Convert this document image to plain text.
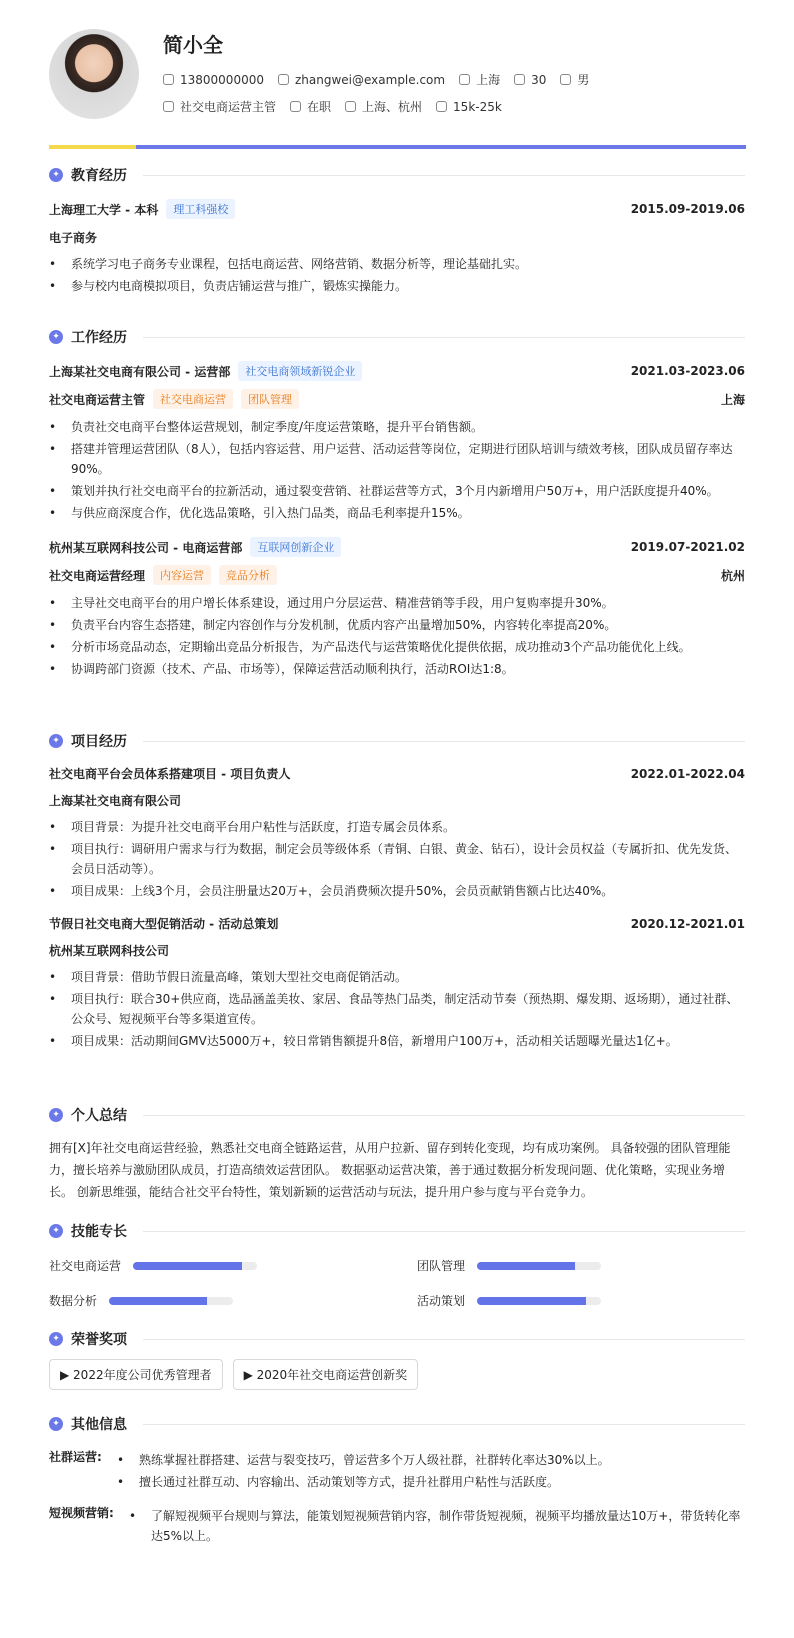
简小全
13800000000	zhangwei@example.com	上海	30	男
社交电商运营主管	在职	上海、杭州	15k-25k
✦ 教育经历
上海理工大学 - 本科	理工科强校	2015.09-2019.06
电子商务
• 系统学习电子商务专业课程，包括电商运营、网络营销、数据分析等，理论基础扎实。
• 参与校内电商模拟项目，负责店铺运营与推广，锻炼实操能力。
✦ 工作经历
上海某社交电商有限公司 - 运营部	社交电商领域新锐企业	2021.03-2023.06
社交电商运营主管	社交电商运营	团队管理	上海
• 负责社交电商平台整体运营规划，制定季度/年度运营策略，提升平台销售额。
• 搭建并管理运营团队（8人），包括内容运营、用户运营、活动运营等岗位，定期进行团队培训与绩效考核，团队成员留存率达90%。
• 策划并执行社交电商平台的拉新活动，通过裂变营销、社群运营等方式，3个月内新增用户50万+，用户活跃度提升40%。
• 与供应商深度合作，优化选品策略，引入热门品类，商品毛利率提升15%。
杭州某互联网科技公司 - 电商运营部	互联网创新企业	2019.07-2021.02
社交电商运营经理	内容运营	竞品分析	杭州
• 主导社交电商平台的用户增长体系建设，通过用户分层运营、精准营销等手段，用户复购率提升30%。
• 负责平台内容生态搭建，制定内容创作与分发机制，优质内容产出量增加50%，内容转化率提高20%。
• 分析市场竞品动态，定期输出竞品分析报告，为产品迭代与运营策略优化提供依据，成功推动3个产品功能优化上线。
• 协调跨部门资源（技术、产品、市场等），保障运营活动顺利执行，活动ROI达1:8。
✦ 项目经历
社交电商平台会员体系搭建项目 - 项目负责人	2022.01-2022.04
上海某社交电商有限公司
• 项目背景：为提升社交电商平台用户粘性与活跃度，打造专属会员体系。
• 项目执行：调研用户需求与行为数据，制定会员等级体系（青铜、白银、黄金、钻石），设计会员权益（专属折扣、优先发货、会员日活动等）。
• 项目成果：上线3个月，会员注册量达20万+，会员消费频次提升50%，会员贡献销售额占比达40%。
节假日社交电商大型促销活动 - 活动总策划	2020.12-2021.01
杭州某互联网科技公司
• 项目背景：借助节假日流量高峰，策划大型社交电商促销活动。
• 项目执行：联合30+供应商，选品涵盖美妆、家居、食品等热门品类，制定活动节奏（预热期、爆发期、返场期），通过社群、公众号、短视频平台等多渠道宣传。
• 项目成果：活动期间GMV达5000万+，较日常销售额提升8倍，新增用户100万+，活动相关话题曝光量达1亿+。
✦ 个人总结
拥有[X]年社交电商运营经验，熟悉社交电商全链路运营，从用户拉新、留存到转化变现，均有成功案例。 具备较强的团队管理能力，擅长培养与激励团队成员，打造高绩效运营团队。 数据驱动运营决策，善于通过数据分析发现问题、优化策略，实现业务增长。 创新思维强，能结合社交平台特性，策划新颖的运营活动与玩法，提升用户参与度与平台竞争力。
✦ 技能专长
社交电商运营	团队管理
数据分析	活动策划
✦ 荣誉奖项
▶ 2022年度公司优秀管理者	▶ 2020年社交电商运营创新奖
✦ 其他信息
社群运营:	• 熟练掌握社群搭建、运营与裂变技巧，曾运营多个万人级社群，社群转化率达30%以上。
• 擅长通过社群互动、内容输出、活动策划等方式，提升社群用户粘性与活跃度。
短视频营销:	• 了解短视频平台规则与算法，能策划短视频营销内容，制作带货短视频，视频平均播放量达10万+，带货转化率达5%以上。
